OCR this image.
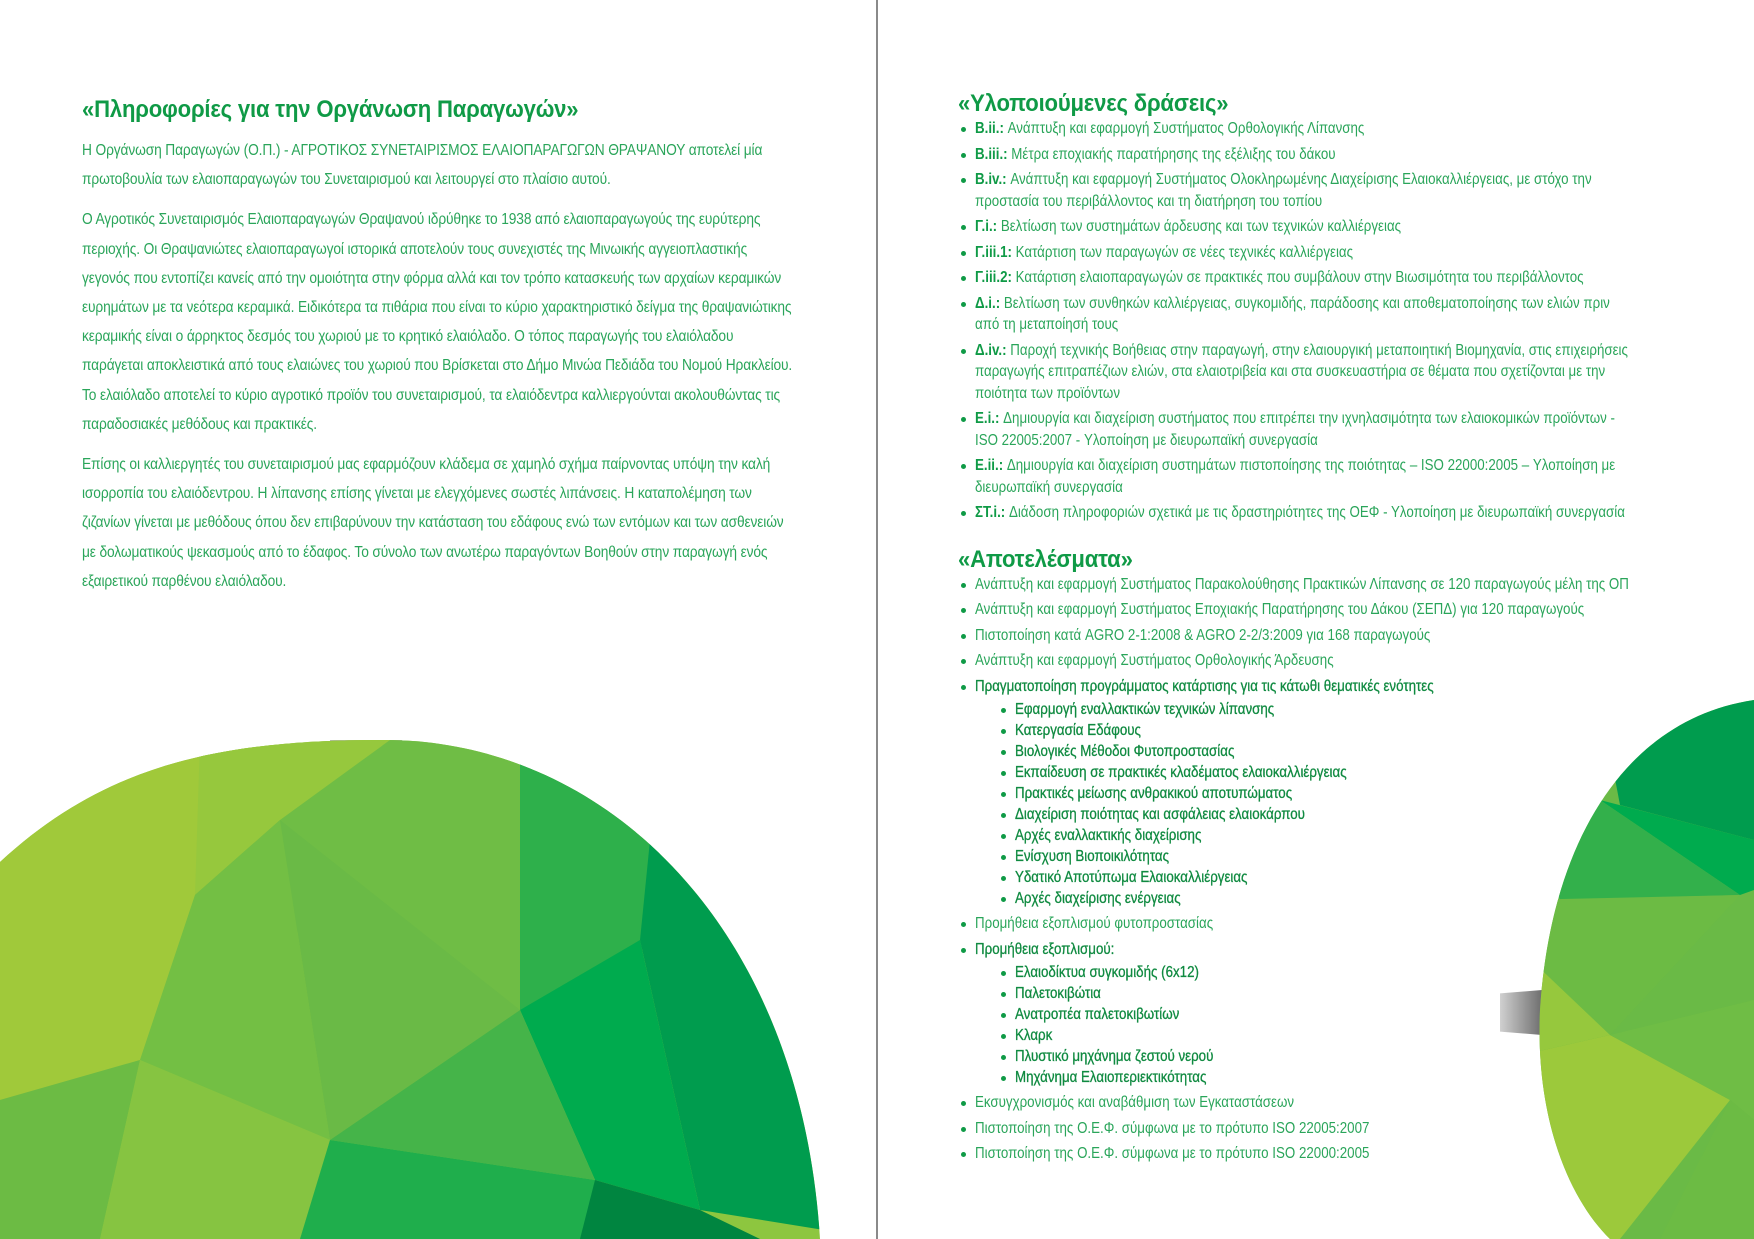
«Πληροφορίες για την Οργάνωση Παραγωγών»

Η Οργάνωση Παραγωγών (Ο.Π.) - ΑΓΡΟΤΙΚΟΣ ΣΥΝΕΤΑΙΡΙΣΜΟΣ ΕΛΑΙΟΠΑΡΑΓΩΓΩΝ ΘΡΑΨΑΝΟΥ αποτελεί μία πρωτοβουλία των ελαιοπαραγωγών του Συνεταιρισμού και λειτουργεί στο πλαίσιο αυτού.

Ο Αγροτικός Συνεταιρισμός Ελαιοπαραγωγών Θραψανού ιδρύθηκε το 1938 από ελαιοπαραγωγούς της ευρύτερης περιοχής. Οι Θραψανιώτες ελαιοπαραγωγοί ιστορικά αποτελούν τους συνεχιστές της Μινωικής αγγειοπλαστικής γεγονός που εντοπίζει κανείς από την ομοιότητα στην φόρμα αλλά και τον τρόπο κατασκευής των αρχαίων κεραμικών ευρημάτων με τα νεότερα κεραμικά. Ειδικότερα τα πιθάρια που είναι το κύριο χαρακτηριστικό δείγμα της θραψανιώτικης κεραμικής είναι ο άρρηκτος δεσμός του χωριού με το κρητικό ελαιόλαδο. Ο τόπος παραγωγής του ελαιόλαδου παράγεται αποκλειστικά από τους ελαιώνες του χωριού που Βρίσκεται στο Δήμο Μινώα Πεδιάδα του Νομού Ηρακλείου. Το ελαιόλαδο αποτελεί το κύριο αγροτικό προϊόν του συνεταιρισμού, τα ελαιόδεντρα καλλιεργούνται ακολουθώντας τις παραδοσιακές μεθόδους και πρακτικές.

Επίσης οι καλλιεργητές του συνεταιρισμού μας εφαρμόζουν κλάδεμα σε χαμηλό σχήμα παίρνοντας υπόψη την καλή ισορροπία του ελαιόδεντρου. Η λίπανσης επίσης γίνεται με ελεγχόμενες σωστές λιπάνσεις. Η καταπολέμηση των ζιζανίων γίνεται με μεθόδους όπου δεν επιβαρύνουν την κατάσταση του εδάφους ενώ των εντόμων και των ασθενειών με δολωματικούς ψεκασμούς από το έδαφος. Το σύνολο των ανωτέρω παραγόντων Βοηθούν στην παραγωγή ενός εξαιρετικού παρθένου ελαιόλαδου.

«Υλοποιούμενες δράσεις»
Β.ii.: Ανάπτυξη και εφαρμογή Συστήματος Ορθολογικής Λίπανσης
Β.iii.: Μέτρα εποχιακής παρατήρησης της εξέλιξης του δάκου
Β.iv.: Ανάπτυξη και εφαρμογή Συστήματος Ολοκληρωμένης Διαχείρισης Ελαιοκαλλιέργειας, με στόχο την προστασία του περιβάλλοντος και τη διατήρηση του τοπίου
Γ.i.: Βελτίωση των συστημάτων άρδευσης και των τεχνικών καλλιέργειας
Γ.iii.1: Κατάρτιση των παραγωγών σε νέες τεχνικές καλλιέργειας
Γ.iii.2: Κατάρτιση ελαιοπαραγωγών σε πρακτικές που συμβάλουν στην Βιωσιμότητα του περιβάλλοντος
Δ.i.: Βελτίωση των συνθηκών καλλιέργειας, συγκομιδής, παράδοσης και αποθεματοποίησης των ελιών πριν από τη μεταποίησή τους
Δ.iv.: Παροχή τεχνικής Βοήθειας στην παραγωγή, στην ελαιουργική μεταποιητική Βιομηχανία, στις επιχειρήσεις παραγωγής επιτραπέζιων ελιών, στα ελαιοτριβεία και στα συσκευαστήρια σε θέματα που σχετίζονται με την ποιότητα των προϊόντων
Ε.i.: Δημιουργία και διαχείριση συστήματος που επιτρέπει την ιχνηλασιμότητα των ελαιοκομικών προϊόντων - ISO 22005:2007 - Υλοποίηση με διευρωπαϊκή συνεργασία
Ε.ii.: Δημιουργία και διαχείριση συστημάτων πιστοποίησης της ποιότητας – ISO 22000:2005 – Υλοποίηση με διευρωπαϊκή συνεργασία
ΣΤ.i.: Διάδοση πληροφοριών σχετικά με τις δραστηριότητες της ΟΕΦ - Υλοποίηση με διευρωπαϊκή συνεργασία
«Αποτελέσματα»
Ανάπτυξη και εφαρμογή Συστήματος Παρακολούθησης Πρακτικών Λίπανσης σε 120 παραγωγούς μέλη της ΟΠ
Ανάπτυξη και εφαρμογή Συστήματος Εποχιακής Παρατήρησης του Δάκου (ΣΕΠΔ) για 120 παραγωγούς
Πιστοποίηση κατά AGRO 2-1:2008 & AGRO 2-2/3:2009 για 168 παραγωγούς
Ανάπτυξη και εφαρμογή Συστήματος Ορθολογικής Άρδευσης
Πραγματοποίηση προγράμματος κατάρτισης για τις κάτωθι θεματικές ενότητες
Εφαρμογή εναλλακτικών τεχνικών λίπανσης
Κατεργασία Εδάφους
Βιολογικές Μέθοδοι Φυτοπροστασίας
Εκπαίδευση σε πρακτικές κλαδέματος ελαιοκαλλιέργειας
Πρακτικές μείωσης ανθρακικού αποτυπώματος
Διαχείριση ποιότητας και ασφάλειας ελαιοκάρπου
Αρχές εναλλακτικής διαχείρισης
Ενίσχυση Βιοποικιλότητας
Υδατικό Αποτύπωμα Ελαιοκαλλιέργειας
Αρχές διαχείρισης ενέργειας
Προμήθεια εξοπλισμού φυτοπροστασίας
Προμήθεια εξοπλισμού:
Ελαιοδίκτυα συγκομιδής (6x12)
Παλετοκιβώτια
Ανατροπέα παλετοκιβωτίων
Κλαρκ
Πλυστικό μηχάνημα ζεστού νερού
Μηχάνημα Ελαιοπεριεκτικότητας
Εκσυγχρονισμός και αναβάθμιση των Εγκαταστάσεων
Πιστοποίηση της Ο.Ε.Φ. σύμφωνα με το πρότυπο ISO 22005:2007
Πιστοποίηση της Ο.Ε.Φ. σύμφωνα με το πρότυπο ISO 22000:2005
